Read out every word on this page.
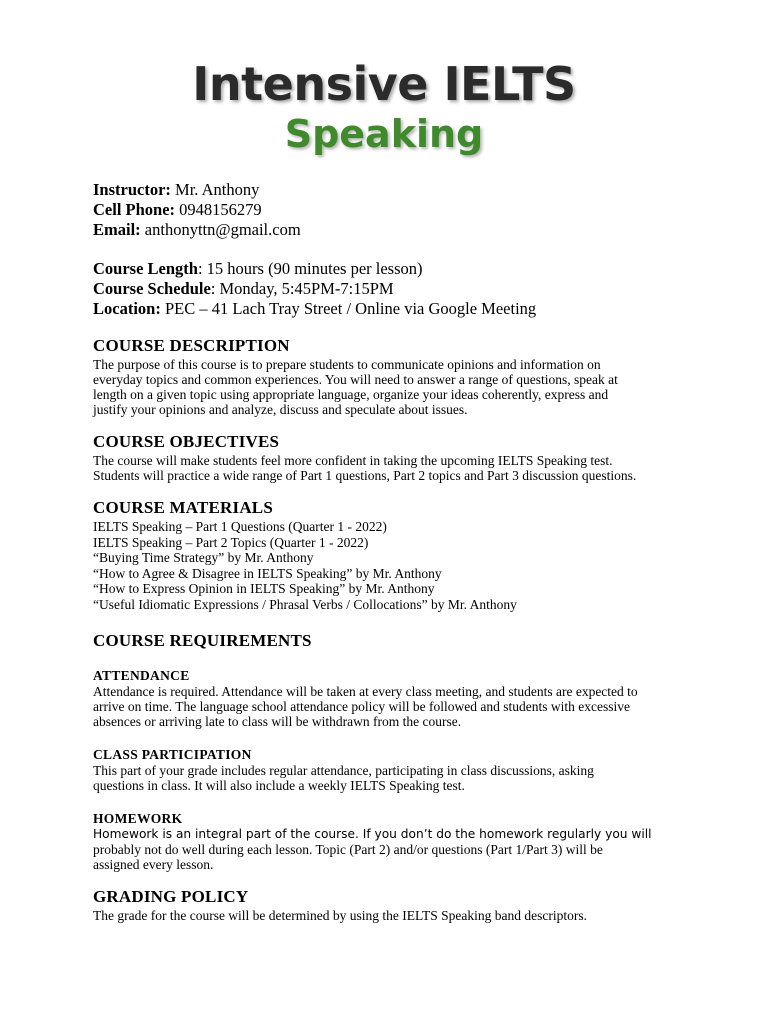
Intensive IELTS
Speaking
Instructor: Mr. Anthony
Cell Phone: 0948156279
Email: anthonyttn@gmail.com
Course Length: 15 hours (90 minutes per lesson)
Course Schedule: Monday, 5:45PM-7:15PM
Location: PEC – 41 Lach Tray Street / Online via Google Meeting
COURSE DESCRIPTION
The purpose of this course is to prepare students to communicate opinions and information on
everyday topics and common experiences. You will need to answer a range of questions, speak at
length on a given topic using appropriate language, organize your ideas coherently, express and
justify your opinions and analyze, discuss and speculate about issues.
COURSE OBJECTIVES
The course will make students feel more confident in taking the upcoming IELTS Speaking test.
Students will practice a wide range of Part 1 questions, Part 2 topics and Part 3 discussion questions.
COURSE MATERIALS
IELTS Speaking – Part 1 Questions (Quarter 1 - 2022)
IELTS Speaking – Part 2 Topics (Quarter 1 - 2022)
“Buying Time Strategy” by Mr. Anthony
“How to Agree & Disagree in IELTS Speaking” by Mr. Anthony
“How to Express Opinion in IELTS Speaking” by Mr. Anthony
“Useful Idiomatic Expressions / Phrasal Verbs / Collocations” by Mr. Anthony
COURSE REQUIREMENTS
ATTENDANCE
Attendance is required. Attendance will be taken at every class meeting, and students are expected to
arrive on time. The language school attendance policy will be followed and students with excessive
absences or arriving late to class will be withdrawn from the course.
CLASS PARTICIPATION
This part of your grade includes regular attendance, participating in class discussions, asking
questions in class. It will also include a weekly IELTS Speaking test.
HOMEWORK
Homework is an integral part of the course. If you don’t do the homework regularly you will
probably not do well during each lesson. Topic (Part 2) and/or questions (Part 1/Part 3) will be
assigned every lesson.
GRADING POLICY
The grade for the course will be determined by using the IELTS Speaking band descriptors.
